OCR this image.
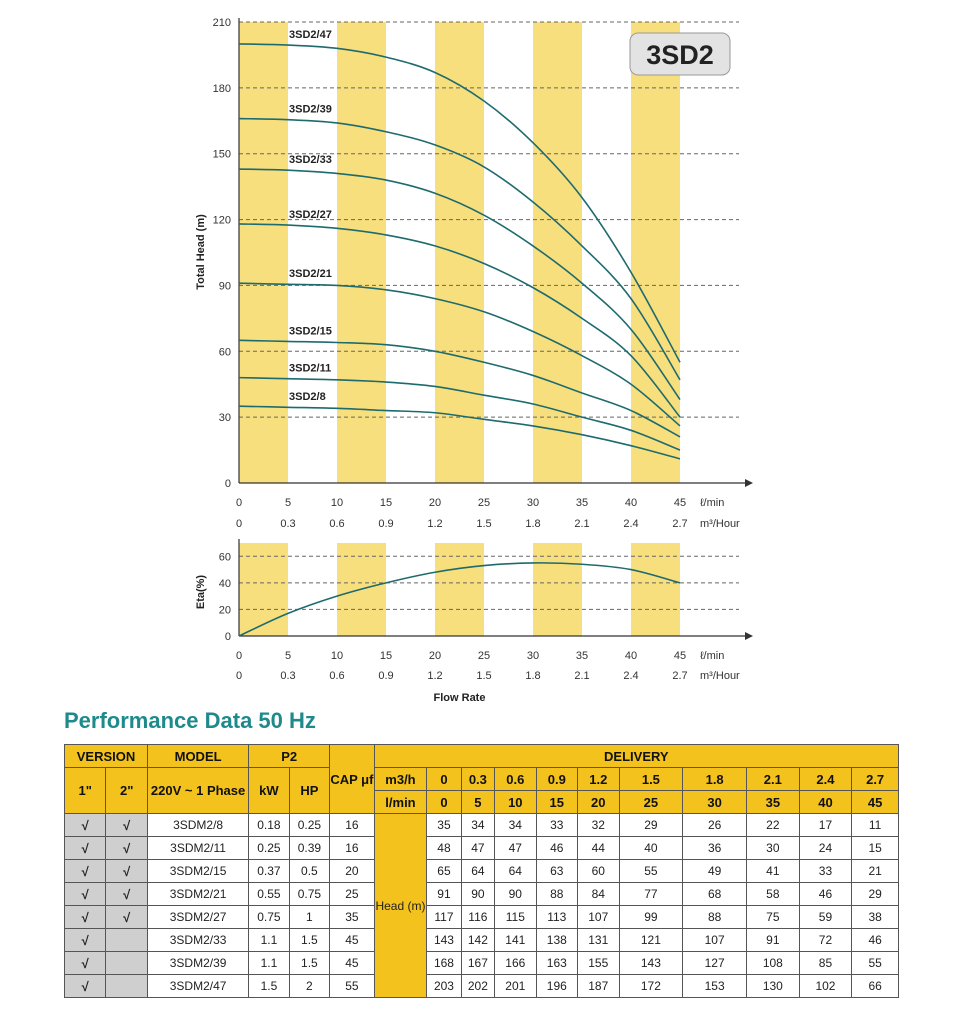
0
30
60
90
120
150
180
210
0
0
5
0.3
10
0.6
15
0.9
20
1.2
25
1.5
30
1.8
35
2.1
40
2.4
45
2.7
ℓ/min
m³/Hour
Total Head (m)
3SD2/47
3SD2/39
3SD2/33
3SD2/27
3SD2/21
3SD2/15
3SD2/11
3SD2/8
0
20
40
60
0
0
5
0.3
10
0.6
15
0.9
20
1.2
25
1.5
30
1.8
35
2.1
40
2.4
45
2.7
ℓ/min
m³/Hour
Eta(%)
Flow Rate
3SD2
Performance Data 50 Hz
VERSION		MODEL	P2		CAP μf	DELIVERY										
1"	2"	220V ~ 1 Phase	kW	HP		m3/h	0	0.3	0.6	0.9	1.2	1.5	1.8	2.1	2.4	2.7
						l/min	0	5	10	15	20	25	30	35	40	45
√	√	3SDM2/8	0.18	0.25	16	Head (m)	35	34	34	33	32	29	26	22	17	11
√	√	3SDM2/11	0.25	0.39	16		48	47	47	46	44	40	36	30	24	15
√	√	3SDM2/15	0.37	0.5	20		65	64	64	63	60	55	49	41	33	21
√	√	3SDM2/21	0.55	0.75	25		91	90	90	88	84	77	68	58	46	29
√	√	3SDM2/27	0.75	1	35		117	116	115	113	107	99	88	75	59	38
√		3SDM2/33	1.1	1.5	45		143	142	141	138	131	121	107	91	72	46
√		3SDM2/39	1.1	1.5	45		168	167	166	163	155	143	127	108	85	55
√		3SDM2/47	1.5	2	55		203	202	201	196	187	172	153	130	102	66
